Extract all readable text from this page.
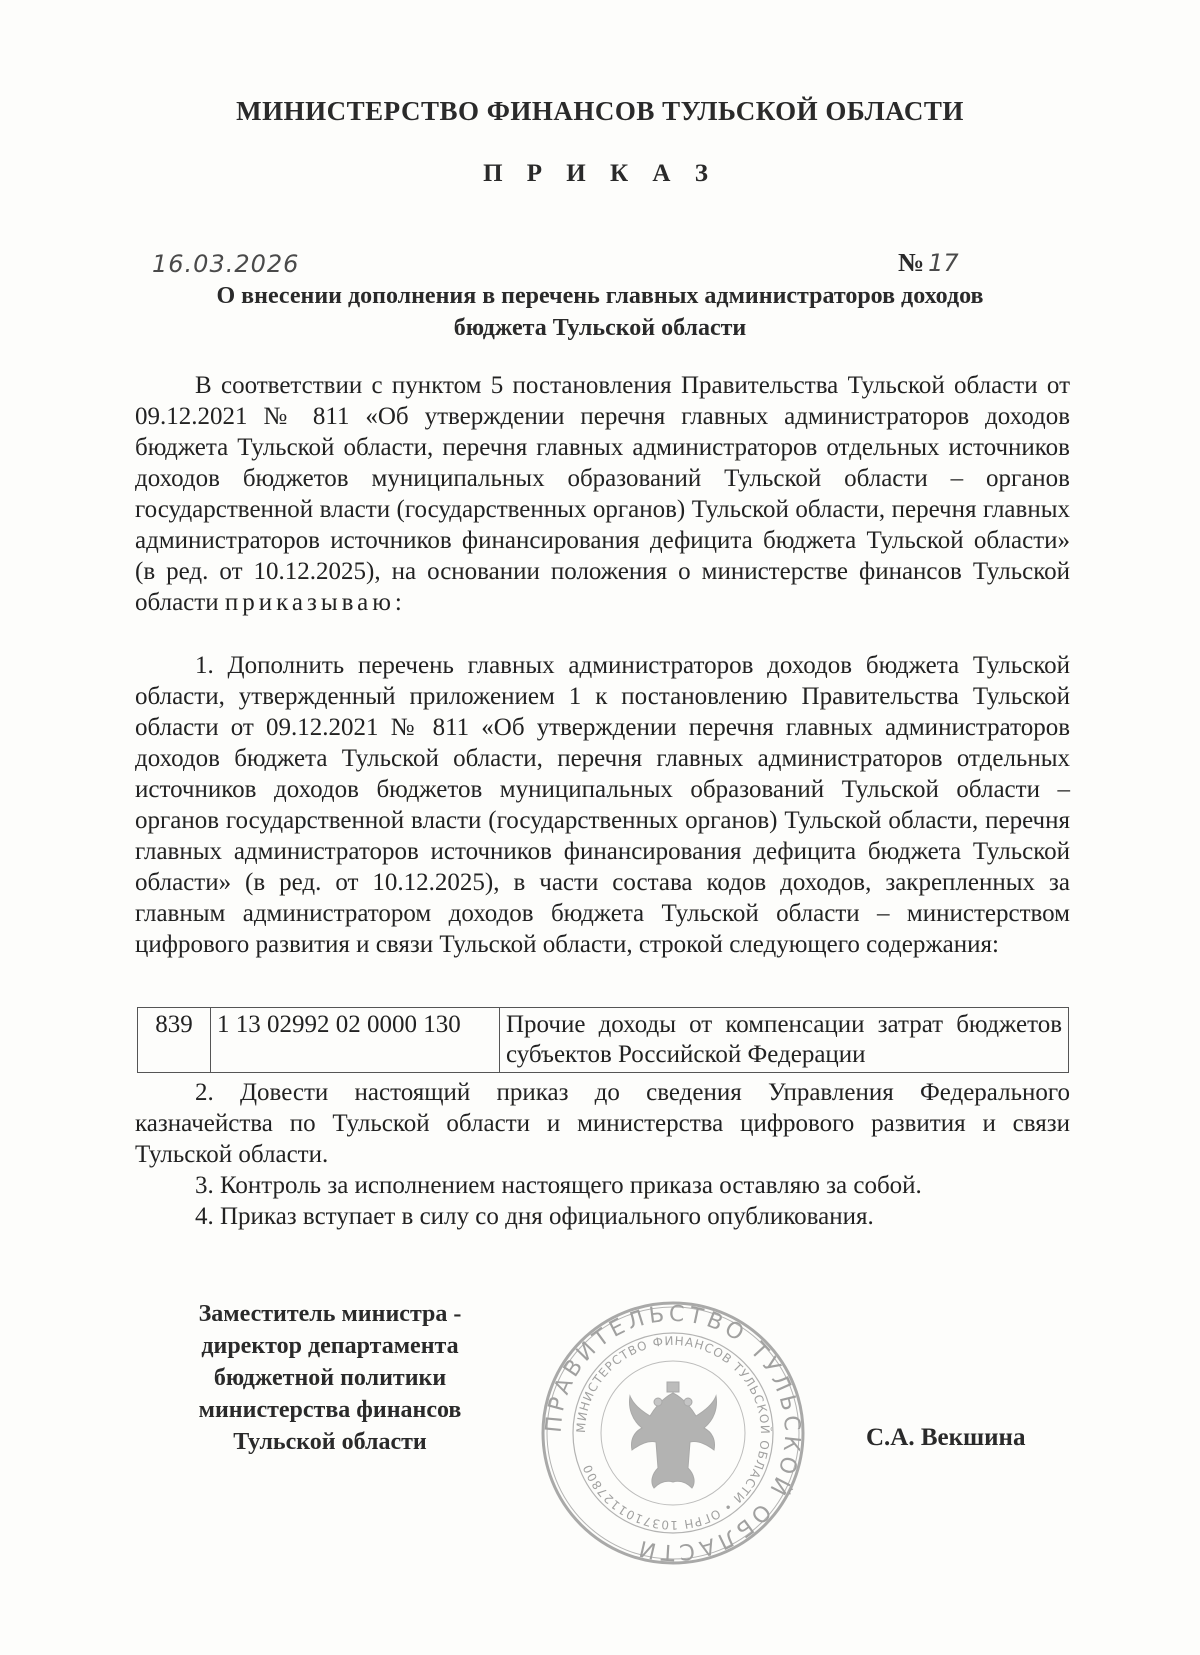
МИНИСТЕРСТВО ФИНАНСОВ ТУЛЬСКОЙ ОБЛАСТИ
П Р И К А З
16.03.2026	№ 17
О внесении дополнения в перечень главных администраторов доходов
бюджета Тульской области

В соответствии с пунктом 5 постановления Правительства Тульской области от 09.12.2021 № 811 «Об утверждении перечня главных администраторов доходов бюджета Тульской области, перечня главных администраторов отдельных источников доходов бюджетов муниципальных образований Тульской области – органов государственной власти (государственных органов) Тульской области, перечня главных администраторов источников финансирования дефицита бюджета Тульской области» (в ред. от 10.12.2025), на основании положения о министерстве финансов Тульской области приказываю:

1. Дополнить перечень главных администраторов доходов бюджета Тульской области, утвержденный приложением 1 к постановлению Правительства Тульской области от 09.12.2021 № 811 «Об утверждении перечня главных администраторов доходов бюджета Тульской области, перечня главных администраторов отдельных источников доходов бюджетов муниципальных образований Тульской области – органов государственной власти (государственных органов) Тульской области, перечня главных администраторов источников финансирования дефицита бюджета Тульской области» (в ред. от 10.12.2025), в части состава кодов доходов, закрепленных за главным администратором доходов бюджета Тульской области – министерством цифрового развития и связи Тульской области, строкой следующего содержания:

839	1 13 02992 02 0000 130	Прочие доходы от компенсации затрат бюджетов субъектов Российской Федерации

2. Довести настоящий приказ до сведения Управления Федерального казначейства по Тульской области и министерства цифрового развития и связи Тульской области.

3. Контроль за исполнением настоящего приказа оставляю за собой.

4. Приказ вступает в силу со дня официального опубликования.

Заместитель министра -
директор департамента
бюджетной политики
министерства финансов
Тульской области
ПРАВИТЕЛЬСТВО ТУЛЬСКОЙ ОБЛАСТИ
МИНИСТЕРСТВО ФИНАНСОВ ТУЛЬСКОЙ ОБЛАСТИ • ОГРН 1037101127800
С.А. Векшина
